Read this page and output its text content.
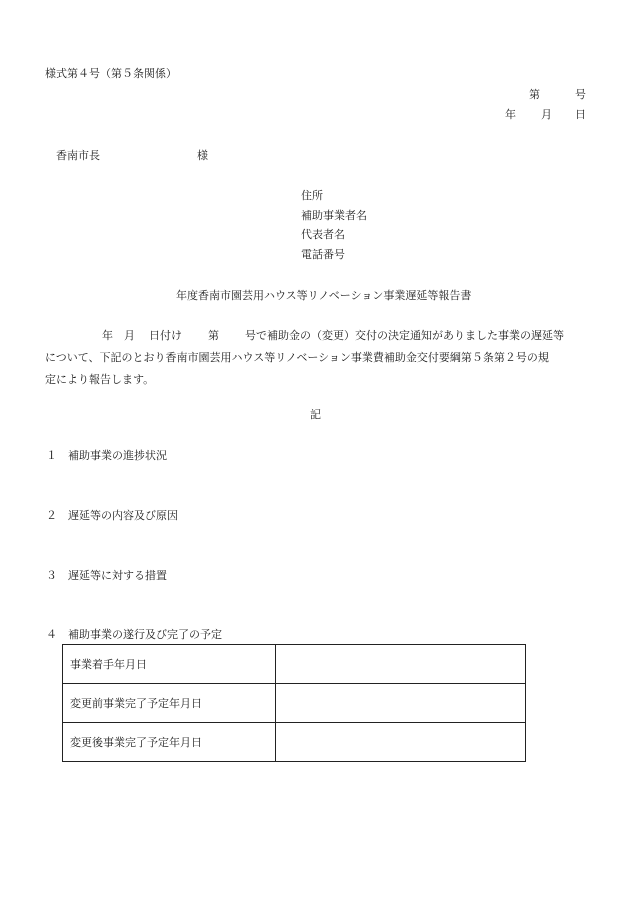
様式第４号（第５条関係）
第	号
年 月 日
香南市長	様
住所
補助事業者名
代表者名
電話番号
年度香南市園芸用ハウス等リノベーション事業遅延等報告書
年 月 日付け 第 号で補助金の（変更）交付の決定通知がありました事業の遅延等
について、下記のとおり香南市園芸用ハウス等リノベーション事業費補助金交付要綱第５条第２号の規
定により報告します。
記
１ 補助事業の進捗状況
２ 遅延等の内容及び原因
３ 遅延等に対する措置
４ 補助事業の遂行及び完了の予定
事業着手年月日	
変更前事業完了予定年月日	
変更後事業完了予定年月日	
